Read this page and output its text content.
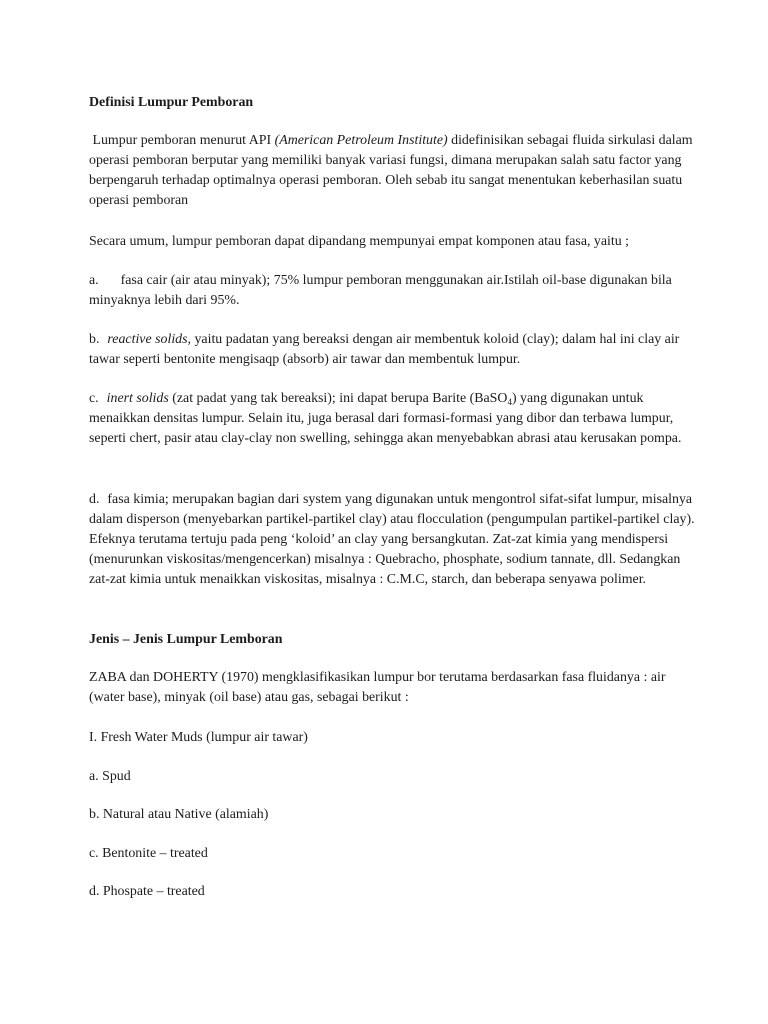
Definisi Lumpur Pemboran

Lumpur pemboran menurut API (American Petroleum Institute) didefinisikan sebagai fluida sirkulasi dalam operasi pemboran berputar yang memiliki banyak variasi fungsi, dimana merupakan salah satu factor yang berpengaruh terhadap optimalnya operasi pemboran. Oleh sebab itu sangat menentukan keberhasilan suatu operasi pemboran

Secara umum, lumpur pemboran dapat dipandang mempunyai empat komponen atau fasa, yaitu ;

a. fasa cair (air atau minyak); 75% lumpur pemboran menggunakan air.Istilah oil-base digunakan bila minyaknya lebih dari 95%.

b. reactive solids, yaitu padatan yang bereaksi dengan air membentuk koloid (clay); dalam hal ini clay air tawar seperti bentonite mengisaqp (absorb) air tawar dan membentuk lumpur.

c. inert solids (zat padat yang tak bereaksi); ini dapat berupa Barite (BaSO$_4$) yang digunakan untuk menaikkan densitas lumpur. Selain itu, juga berasal dari formasi-formasi yang dibor dan terbawa lumpur, seperti chert, pasir atau clay-clay non swelling, sehingga akan menyebabkan abrasi atau kerusakan pompa.

d. fasa kimia; merupakan bagian dari system yang digunakan untuk mengontrol sifat-sifat lumpur, misalnya dalam disperson (menyebarkan partikel-partikel clay) atau flocculation (pengumpulan partikel-partikel clay). Efeknya terutama tertuju pada peng ‘koloid’ an clay yang bersangkutan. Zat-zat kimia yang mendispersi (menurunkan viskositas/mengencerkan) misalnya : Quebracho, phosphate, sodium tannate, dll. Sedangkan zat-zat kimia untuk menaikkan viskositas, misalnya : C.M.C, starch, dan beberapa senyawa polimer.

Jenis – Jenis Lumpur Lemboran

ZABA dan DOHERTY (1970) mengklasifikasikan lumpur bor terutama berdasarkan fasa fluidanya : air (water base), minyak (oil base) atau gas, sebagai berikut :

I. Fresh Water Muds (lumpur air tawar)

a. Spud

b. Natural atau Native (alamiah)

c. Bentonite – treated

d. Phospate – treated
